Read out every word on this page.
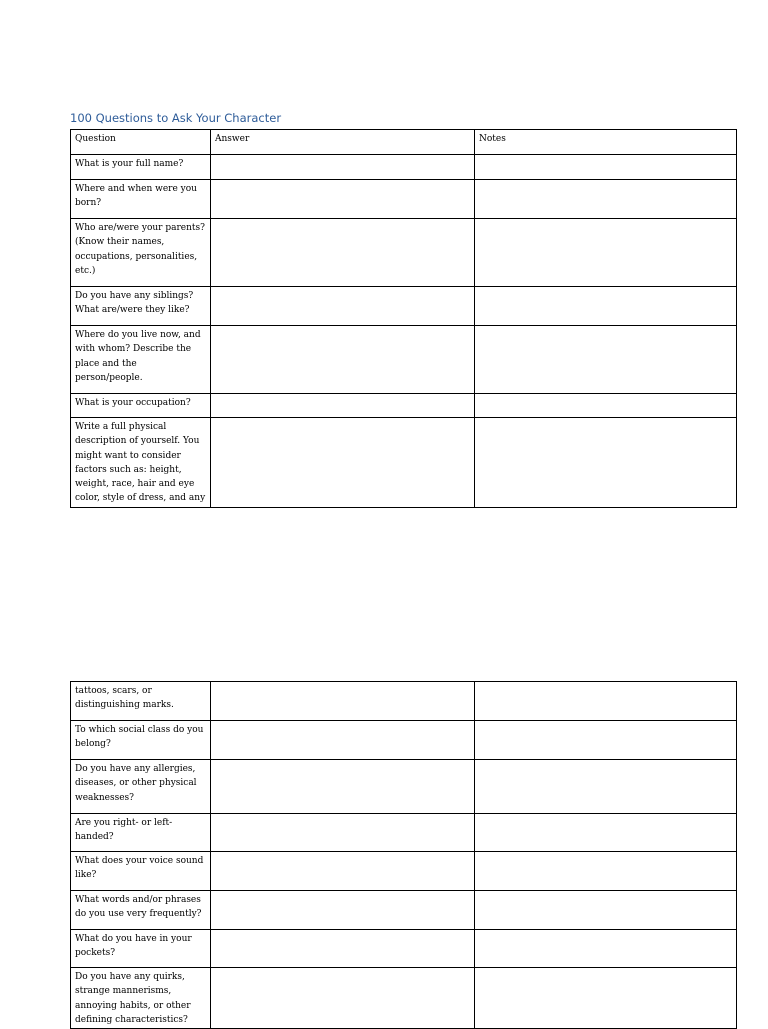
100 Questions to Ask Your Character
Question	Answer	Notes
What is your full name?		
Where and when were you born?		
Who are/were your parents? (Know their names, occupations, personalities, etc.)		
Do you have any siblings? What are/were they like?		
Where do you live now, and with whom? Describe the place and the person/people.		
What is your occupation?		
Write a full physical description of yourself. You might want to consider factors such as: height, weight, race, hair and eye color, style of dress, and any		
tattoos, scars, or distinguishing marks.		
To which social class do you belong?		
Do you have any allergies, diseases, or other physical weaknesses?		
Are you right- or left-handed?		
What does your voice sound like?		
What words and/or phrases do you use very frequently?		
What do you have in your pockets?		
Do you have any quirks, strange mannerisms, annoying habits, or other defining characteristics?		
